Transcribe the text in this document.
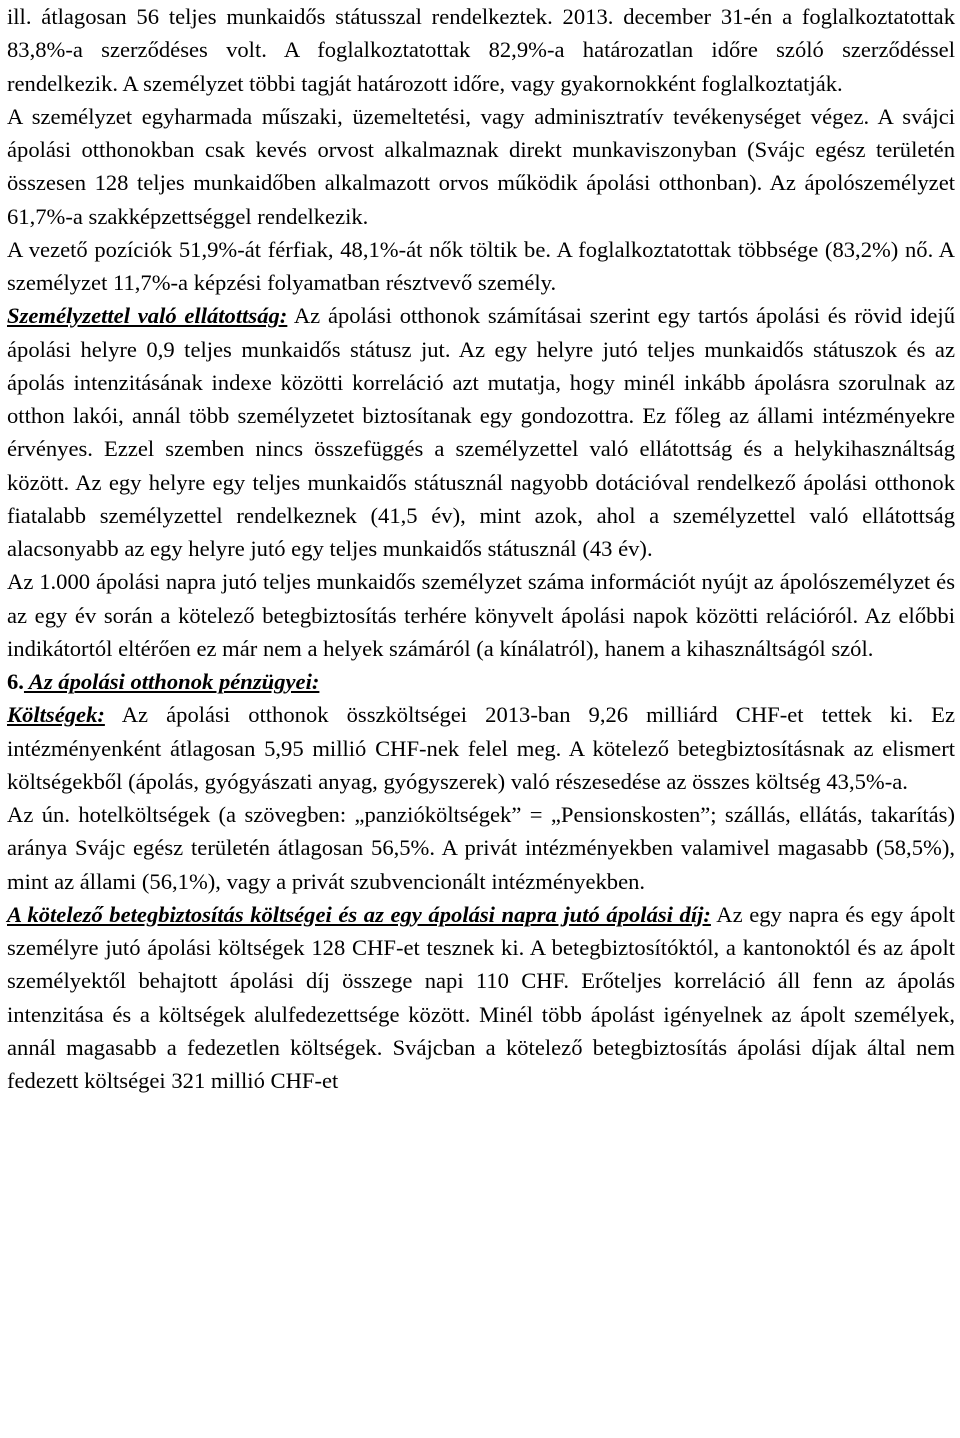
ill. átlagosan 56 teljes munkaidős státusszal rendelkeztek. 2013. december 31-én a foglalkoztatottak 83,8%-a szerződéses volt. A foglalkoztatottak 82,9%-a határozatlan időre szóló szerződéssel rendelkezik. A személyzet többi tagját határozott időre, vagy gyakornokként foglalkoztatják.

A személyzet egyharmada műszaki, üzemeltetési, vagy adminisztratív tevékenységet végez. A svájci ápolási otthonokban csak kevés orvost alkalmaznak direkt munkaviszonyban (Svájc egész területén összesen 128 teljes munkaidőben alkalmazott orvos működik ápolási otthonban). Az ápolószemélyzet 61,7%-a szakképzettséggel rendelkezik.

A vezető pozíciók 51,9%-át férfiak, 48,1%-át nők töltik be. A foglalkoztatottak többsége (83,2%) nő. A személyzet 11,7%-a képzési folyamatban résztvevő személy.

Személyzettel való ellátottság: Az ápolási otthonok számításai szerint egy tartós ápolási és rövid idejű ápolási helyre 0,9 teljes munkaidős státusz jut. Az egy helyre jutó teljes munkaidős státuszok és az ápolás intenzitásának indexe közötti korreláció azt mutatja, hogy minél inkább ápolásra szorulnak az otthon lakói, annál több személyzetet biztosítanak egy gondozottra. Ez főleg az állami intézményekre érvényes. Ezzel szemben nincs összefüggés a személyzettel való ellátottság és a helykihasználtság között. Az egy helyre egy teljes munkaidős státusznál nagyobb dotációval rendelkező ápolási otthonok fiatalabb személyzettel rendelkeznek (41,5 év), mint azok, ahol a személyzettel való ellátottság alacsonyabb az egy helyre jutó egy teljes munkaidős státusznál (43 év).

Az 1.000 ápolási napra jutó teljes munkaidős személyzet száma információt nyújt az ápolószemélyzet és az egy év során a kötelező betegbiztosítás terhére könyvelt ápolási napok közötti relációról. Az előbbi indikátortól eltérően ez már nem a helyek számáról (a kínálatról), hanem a kihasználtságól szól.

6. Az ápolási otthonok pénzügyei:

Költségek: Az ápolási otthonok összköltségei 2013-ban 9,26 milliárd CHF-et tettek ki. Ez intézményenként átlagosan 5,95 millió CHF-nek felel meg. A kötelező betegbiztosításnak az elismert költségekből (ápolás, gyógyászati anyag, gyógyszerek) való részesedése az összes költség 43,5%-a.

Az ún. hotelköltségek (a szövegben: „panzióköltségek” = „Pensionskosten”; szállás, ellátás, takarítás) aránya Svájc egész területén átlagosan 56,5%. A privát intézményekben valamivel magasabb (58,5%), mint az állami (56,1%), vagy a privát szubvencionált intézményekben.

A kötelező betegbiztosítás költségei és az egy ápolási napra jutó ápolási díj: Az egy napra és egy ápolt személyre jutó ápolási költségek 128 CHF-et tesznek ki. A betegbiztosítóktól, a kantonoktól és az ápolt személyektől behajtott ápolási díj összege napi 110 CHF. Erőteljes korreláció áll fenn az ápolás intenzitása és a költségek alulfedezettsége között. Minél több ápolást igényelnek az ápolt személyek, annál magasabb a fedezetlen költségek. Svájcban a kötelező betegbiztosítás ápolási díjak által nem fedezett költségei 321 millió CHF-et
